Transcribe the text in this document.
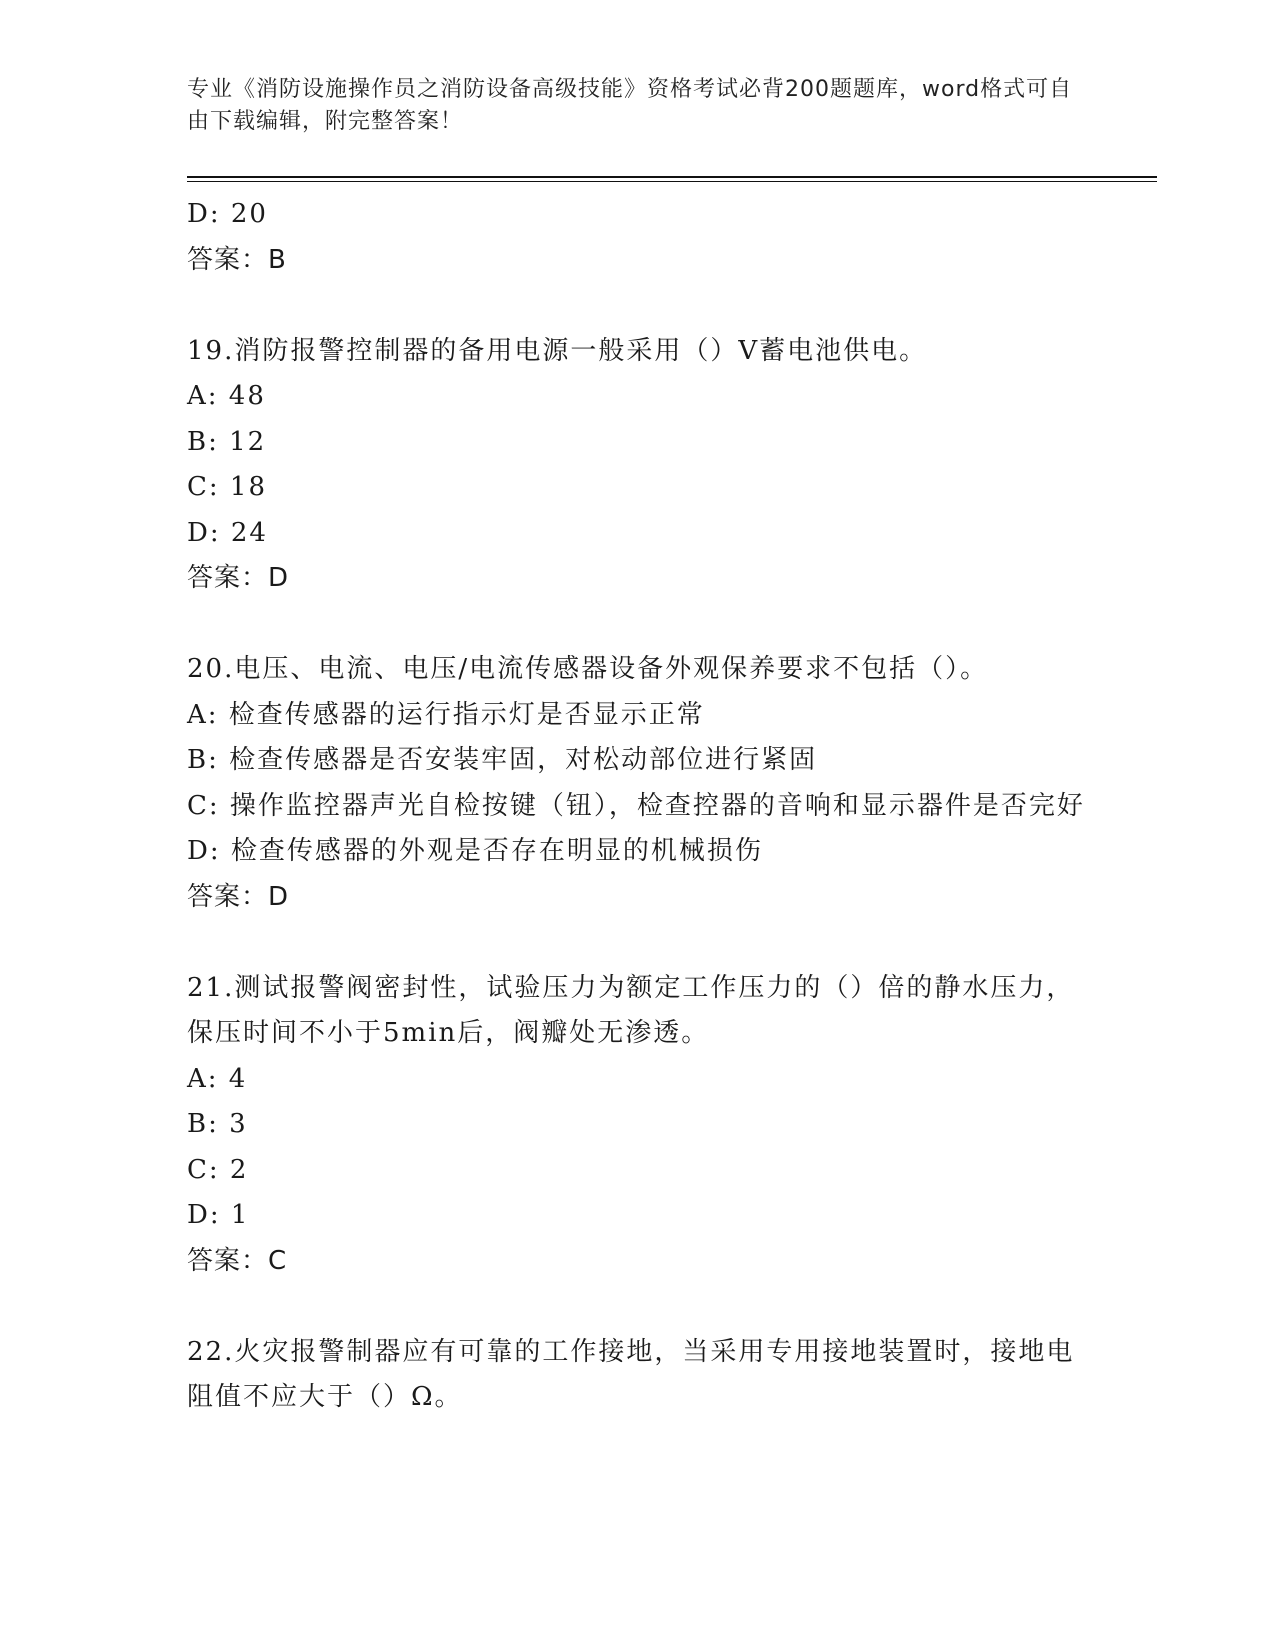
专业《消防设施操作员之消防设备高级技能》资格考试必背200题题库，word格式可自由下载编辑，附完整答案！
D: 20
答案：B
19.消防报警控制器的备用电源一般采用（）V蓄电池供电。
A: 48
B: 12
C: 18
D: 24
答案：D
20.电压、电流、电压/电流传感器设备外观保养要求不包括（）。
A: 检查传感器的运行指示灯是否显示正常
B: 检查传感器是否安装牢固，对松动部位进行紧固
C: 操作监控器声光自检按键（钮），检查控器的音响和显示器件是否完好
D: 检查传感器的外观是否存在明显的机械损伤
答案：D
21.测试报警阀密封性，试验压力为额定工作压力的（）倍的静水压力，保压时间不小于5min后，阀瓣处无渗透。
A: 4
B: 3
C: 2
D: 1
答案：C
22.火灾报警制器应有可靠的工作接地，当采用专用接地装置时，接地电阻值不应大于（）Ω。
